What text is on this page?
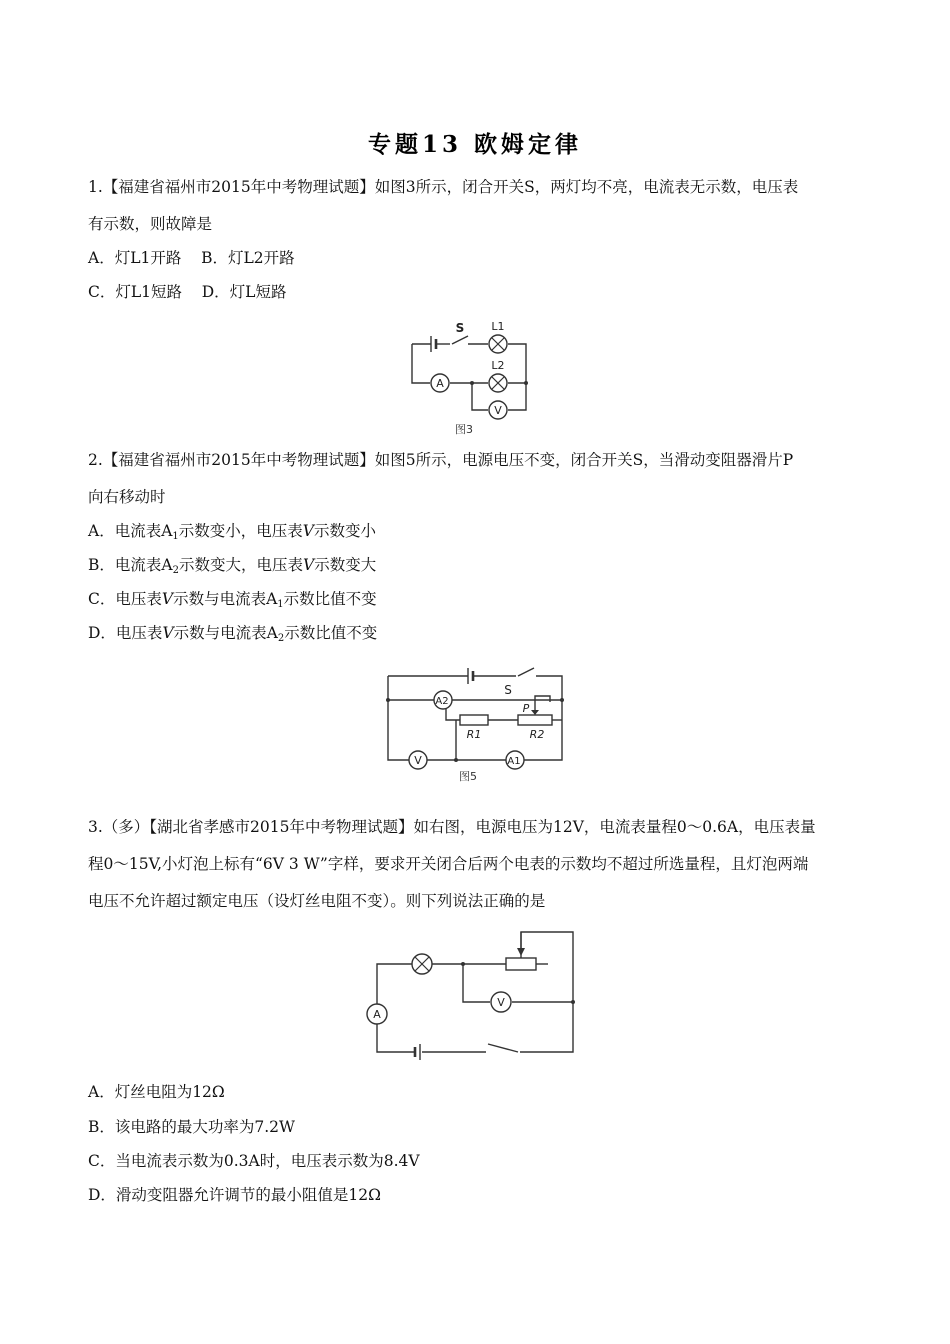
专题13 欧姆定律
1.【福建省福州市2015年中考物理试题】如图3所示，闭合开关S，两灯均不亮，电流表无示数，电压表
有示数，则故障是
A．灯L1开路 B．灯L2开路
C．灯L1短路 D．灯L短路
A
V
S L1
L2
图3
2.【福建省福州市2015年中考物理试题】如图5所示，电源电压不变，闭合开关S，当滑动变阻器滑片P
向右移动时
A．电流表$A_1$示数变小，电压表V示数变小
B．电流表$A_2$示数变大，电压表V示数变大
C．电压表V示数与电流表$A_1$示数比值不变
D．电压表V示数与电流表$A_2$示数比值不变
A2
V	A1
S
P
R1	R2
图5
3.（多）【湖北省孝感市2015年中考物理试题】如右图，电源电压为12V，电流表量程0～0.6A，电压表量
程0～15V,小灯泡上标有“6V 3 W”字样，要求开关闭合后两个电表的示数均不超过所选量程，且灯泡两端
电压不允许超过额定电压（设灯丝电阻不变）。则下列说法正确的是
A
V
A．灯丝电阻为12Ω
B．该电路的最大功率为7.2W
C．当电流表示数为0.3A时，电压表示数为8.4V
D．滑动变阻器允许调节的最小阻值是12Ω
